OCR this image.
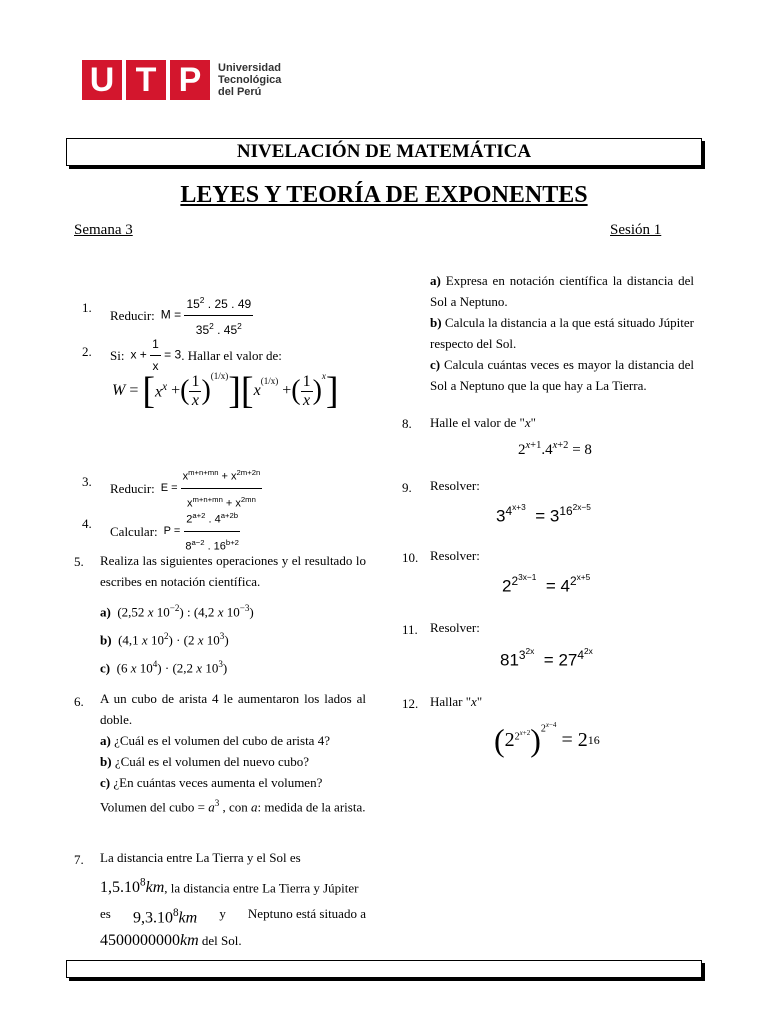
U T P	Universidad
Tecnológica
del Perú
NIVELACIÓN DE MATEMÁTICA
LEYES Y TEORÍA DE EXPONENTES
Semana 3	Sesión 1
1.
Reducir: $M = \frac{15^2 . 25 . 49}{35^2 . 45^2}$
2. Si: $x + \frac{1}{x} = 3$ . Hallar el valor de:
W = [ $x^x$ + ( $\frac{1}{x} )^{(1/x)}$ ][ x
$^{(1/x)}$
+ ( $\frac{1}{x} )^x$ ]
3. Reducir: $E = \frac{x^{m+n+mn} + x^{2m+2n}}{x^{m+n+mn} + x^{2mn}}$
4.
Calcular: $P = \frac{2^{a+2} . 4^{a+2b}}{8^{a-2} . 16^{b+2}}$
5. Realiza las siguientes operaciones y el resultado lo escribes en notación científica.
a)  (2,52 x $10^{-2}$) : (4,2 x $10^{-3}$)
b)  (4,1 x $10^2) \cdot (2$ x $10^3$)
c)  (6 x $10^4) \cdot (2,2$ x $10^3$)
6. A un cubo de arista 4 le aumentaron los lados al doble.
a) ¿Cuál es el volumen del cubo de arista 4?
b) ¿Cuál es el volumen del nuevo cubo?
c) ¿En cuántas veces aumenta el volumen?
Volumen del cubo = $a^3$ , con a: medida de la arista.
7. La distancia entre La Tierra y el Sol es
1,5.10$^8$km, la distancia entre La Tierra y Júpiter
es 9,3.10$^8$km y Neptuno está situado a
4500000000km del Sol.
a) Expresa en notación científica la distancia del Sol a Neptuno.
b) Calcula la distancia a la que está situado Júpiter respecto del Sol.
c) Calcula cuántas veces es mayor la distancia del Sol a Neptuno que la que hay a La Tierra.
8. Halle el valor de "x"
$2^{x+1}.4^{x+2} = 8$
9. Resolver:
$3^{4^{x+3}} = 3^{16^{2x-5}}$
10. Resolver:
$2^{2^{3x-1}} = 4^{2^{x+5}}$
11. Resolver:
$81^{3^{2x}} = 27^{4^{2x}}$
12. Hallar "x"
( $2^{2^{x+2}}$ )$^{2^{x-4}}$
= $2_{16}$
